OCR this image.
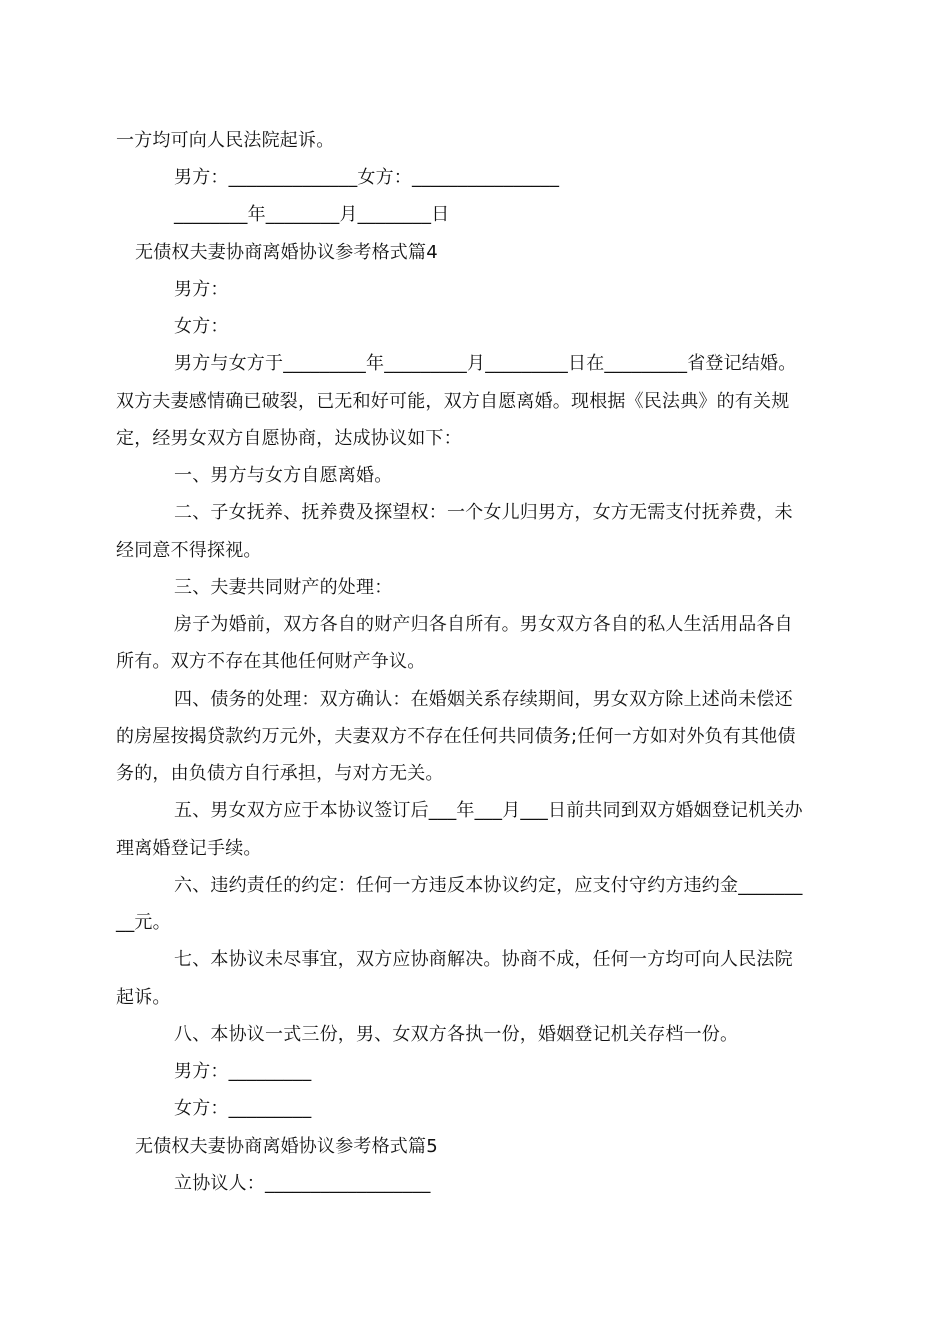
一方均可向人民法院起诉。
男方：______________女方：________________
________年________月________日
无债权夫妻协商离婚协议参考格式篇4
男方：
女方：
男方与女方于_________年_________月_________日在_________省登记结婚。
双方夫妻感情确已破裂，已无和好可能，双方自愿离婚。现根据《民法典》的有关规
定，经男女双方自愿协商，达成协议如下：
一、男方与女方自愿离婚。
二、子女抚养、抚养费及探望权：一个女儿归男方，女方无需支付抚养费，未
经同意不得探视。
三、夫妻共同财产的处理：
房子为婚前，双方各自的财产归各自所有。男女双方各自的私人生活用品各自
所有。双方不存在其他任何财产争议。
四、债务的处理：双方确认：在婚姻关系存续期间，男女双方除上述尚未偿还
的房屋按揭贷款约万元外，夫妻双方不存在任何共同债务;任何一方如对外负有其他债
务的，由负债方自行承担，与对方无关。
五、男女双方应于本协议签订后___年___月___日前共同到双方婚姻登记机关办
理离婚登记手续。
六、违约责任的约定：任何一方违反本协议约定，应支付守约方违约金_______
__元。
七、本协议未尽事宜，双方应协商解决。协商不成，任何一方均可向人民法院
起诉。
八、本协议一式三份，男、女双方各执一份，婚姻登记机关存档一份。
男方：_________
女方：_________
无债权夫妻协商离婚协议参考格式篇5
立协议人：__________________
